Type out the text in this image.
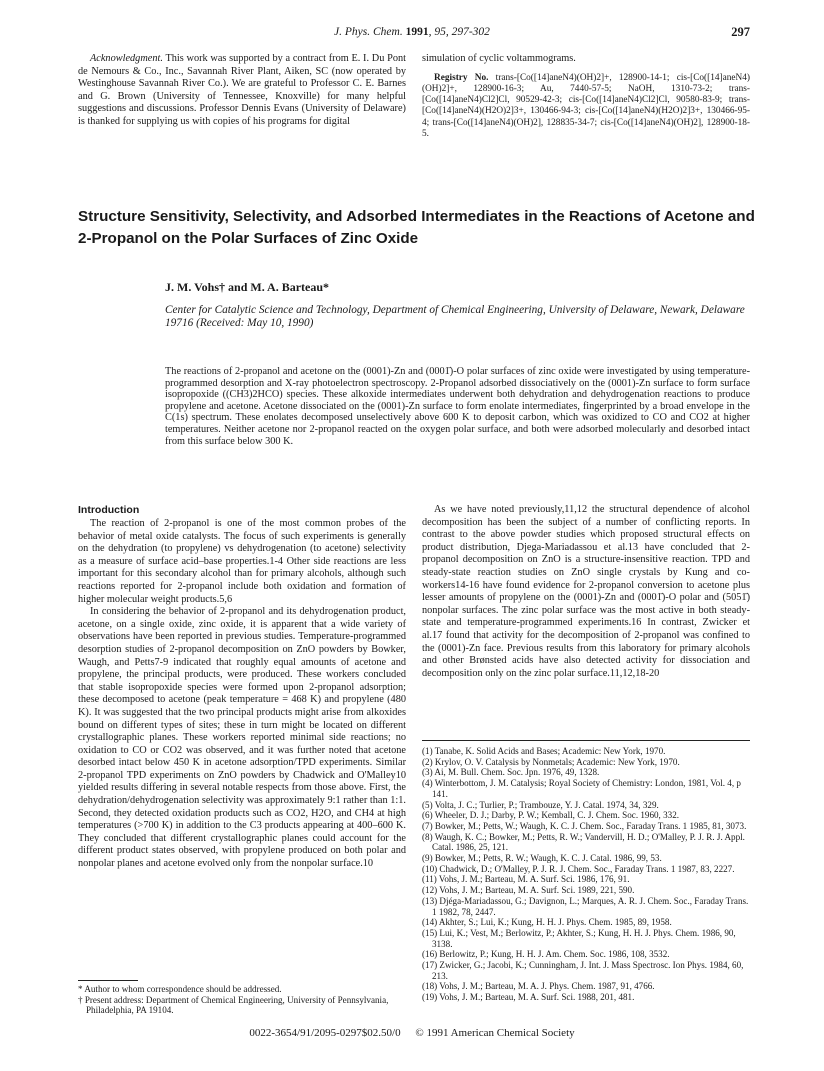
J. Phys. Chem. 1991, 95, 297-302	297

Acknowledgment. This work was supported by a contract from E. I. Du Pont de Nemours & Co., Inc., Savannah River Plant, Aiken, SC (now operated by Westinghouse Savannah River Co.). We are grateful to Professor C. E. Barnes and G. Brown (University of Tennessee, Knoxville) for many helpful suggestions and discussions. Professor Dennis Evans (University of Delaware) is thanked for supplying us with copies of his programs for digital

simulation of cyclic voltammograms.
Registry No. trans-[Co([14]aneN4)(OH)2]+, 128900-14-1; cis-[Co([14]aneN4)(OH)2]+, 128900-16-3; Au, 7440-57-5; NaOH, 1310-73-2; trans-[Co([14]aneN4)Cl2]Cl, 90529-42-3; cis-[Co([14]aneN4)Cl2]Cl, 90580-83-9; trans-[Co([14]aneN4)(H2O)2]3+, 130466-94-3; cis-[Co([14]aneN4)(H2O)2]3+, 130466-95-4; trans-[Co([14]aneN4)(OH)2], 128835-34-7; cis-[Co([14]aneN4)(OH)2], 128900-18-5.
Structure Sensitivity, Selectivity, and Adsorbed Intermediates in the Reactions of Acetone and 2-Propanol on the Polar Surfaces of Zinc Oxide
J. M. Vohs† and M. A. Barteau*
Center for Catalytic Science and Technology, Department of Chemical Engineering, University of Delaware, Newark, Delaware 19716 (Received: May 10, 1990)
The reactions of 2-propanol and acetone on the (0001)-Zn and (0001̄)-O polar surfaces of zinc oxide were investigated by using temperature-programmed desorption and X-ray photoelectron spectroscopy. 2-Propanol adsorbed dissociatively on the (0001)-Zn surface to form surface isopropoxide ((CH3)2HCO) species. These alkoxide intermediates underwent both dehydration and dehydrogenation reactions to produce propylene and acetone. Acetone dissociated on the (0001)-Zn surface to form enolate intermediates, fingerprinted by a broad envelope in the C(1s) spectrum. These enolates decomposed unselectively above 600 K to deposit carbon, which was oxidized to CO and CO2 at higher temperatures. Neither acetone nor 2-propanol reacted on the oxygen polar surface, and both were adsorbed molecularly and desorbed intact from this surface below 300 K.
Introduction

The reaction of 2-propanol is one of the most common probes of the behavior of metal oxide catalysts. The focus of such experiments is generally on the dehydration (to propylene) vs dehydrogenation (to acetone) selectivity as a measure of surface acid–base properties.1-4 Other side reactions are less important for this secondary alcohol than for primary alcohols, although such reactions reported for 2-propanol include both oxidation and formation of higher molecular weight products.5,6

In considering the behavior of 2-propanol and its dehydrogenation product, acetone, on a single oxide, zinc oxide, it is apparent that a wide variety of observations have been reported in previous studies. Temperature-programmed desorption studies of 2-propanol decomposition on ZnO powders by Bowker, Waugh, and Petts7-9 indicated that roughly equal amounts of acetone and propylene, the principal products, were produced. These workers concluded that stable isopropoxide species were formed upon 2-propanol adsorption; these decomposed to acetone (peak temperature = 468 K) and propylene (480 K). It was suggested that the two principal products might arise from alkoxides bound on different types of sites; these in turn might be located on different crystallographic planes. These workers reported minimal side reactions; no oxidation to CO or CO2 was observed, and it was further noted that acetone desorbed intact below 450 K in acetone adsorption/TPD experiments. Similar 2-propanol TPD experiments on ZnO powders by Chadwick and O'Malley10 yielded results differing in several notable respects from those above. First, the dehydration/dehydrogenation selectivity was approximately 9:1 rather than 1:1. Second, they detected oxidation products such as CO2, H2O, and CH4 at high temperatures (>700 K) in addition to the C3 products appearing at 400–600 K. They concluded that different crystallographic planes could account for the different product states observed, with propylene produced on both polar and nonpolar planes and acetone evolved only from the nonpolar surface.10

* Author to whom correspondence should be addressed.
† Present address: Department of Chemical Engineering, University of Pennsylvania, Philadelphia, PA 19104.

As we have noted previously,11,12 the structural dependence of alcohol decomposition has been the subject of a number of conflicting reports. In contrast to the above powder studies which proposed structural effects on product distribution, Djega-Mariadassou et al.13 have concluded that 2-propanol decomposition on ZnO is a structure-insensitive reaction. TPD and steady-state reaction studies on ZnO single crystals by Kung and co-workers14-16 have found evidence for 2-propanol conversion to acetone plus lesser amounts of propylene on the (0001)-Zn and (0001̄)-O polar and (5051̄) nonpolar surfaces. The zinc polar surface was the most active in both steady-state and temperature-programmed experiments.16 In contrast, Zwicker et al.17 found that activity for the decomposition of 2-propanol was confined to the (0001)-Zn face. Previous results from this laboratory for primary alcohols and other Brønsted acids have also detected activity for dissociation and decomposition only on the zinc polar surface.11,12,18-20

(1) Tanabe, K. Solid Acids and Bases; Academic: New York, 1970.
(2) Krylov, O. V. Catalysis by Nonmetals; Academic: New York, 1970.
(3) Ai, M. Bull. Chem. Soc. Jpn. 1976, 49, 1328.
(4) Winterbottom, J. M. Catalysis; Royal Society of Chemistry: London, 1981, Vol. 4, p 141.
(5) Volta, J. C.; Turlier, P.; Trambouze, Y. J. Catal. 1974, 34, 329.
(6) Wheeler, D. J.; Darby, P. W.; Kemball, C. J. Chem. Soc. 1960, 332.
(7) Bowker, M.; Petts, W.; Waugh, K. C. J. Chem. Soc., Faraday Trans. 1 1985, 81, 3073.
(8) Waugh, K. C.; Bowker, M.; Petts, R. W.; Vandervill, H. D.; O'Malley, P. J. R. J. Appl. Catal. 1986, 25, 121.
(9) Bowker, M.; Petts, R. W.; Waugh, K. C. J. Catal. 1986, 99, 53.
(10) Chadwick, D.; O'Malley, P. J. R. J. Chem. Soc., Faraday Trans. 1 1987, 83, 2227.
(11) Vohs, J. M.; Barteau, M. A. Surf. Sci. 1986, 176, 91.
(12) Vohs, J. M.; Barteau, M. A. Surf. Sci. 1989, 221, 590.
(13) Djéga-Mariadassou, G.; Davignon, L.; Marques, A. R. J. Chem. Soc., Faraday Trans. 1 1982, 78, 2447.
(14) Akhter, S.; Lui, K.; Kung, H. H. J. Phys. Chem. 1985, 89, 1958.
(15) Lui, K.; Vest, M.; Berlowitz, P.; Akhter, S.; Kung, H. H. J. Phys. Chem. 1986, 90, 3138.
(16) Berlowitz, P.; Kung, H. H. J. Am. Chem. Soc. 1986, 108, 3532.
(17) Zwicker, G.; Jacobi, K.; Cunningham, J. Int. J. Mass Spectrosc. Ion Phys. 1984, 60, 213.
(18) Vohs, J. M.; Barteau, M. A. J. Phys. Chem. 1987, 91, 4766.
(19) Vohs, J. M.; Barteau, M. A. Surf. Sci. 1988, 201, 481.
0022-3654/91/2095-0297$02.50/0 © 1991 American Chemical Society
